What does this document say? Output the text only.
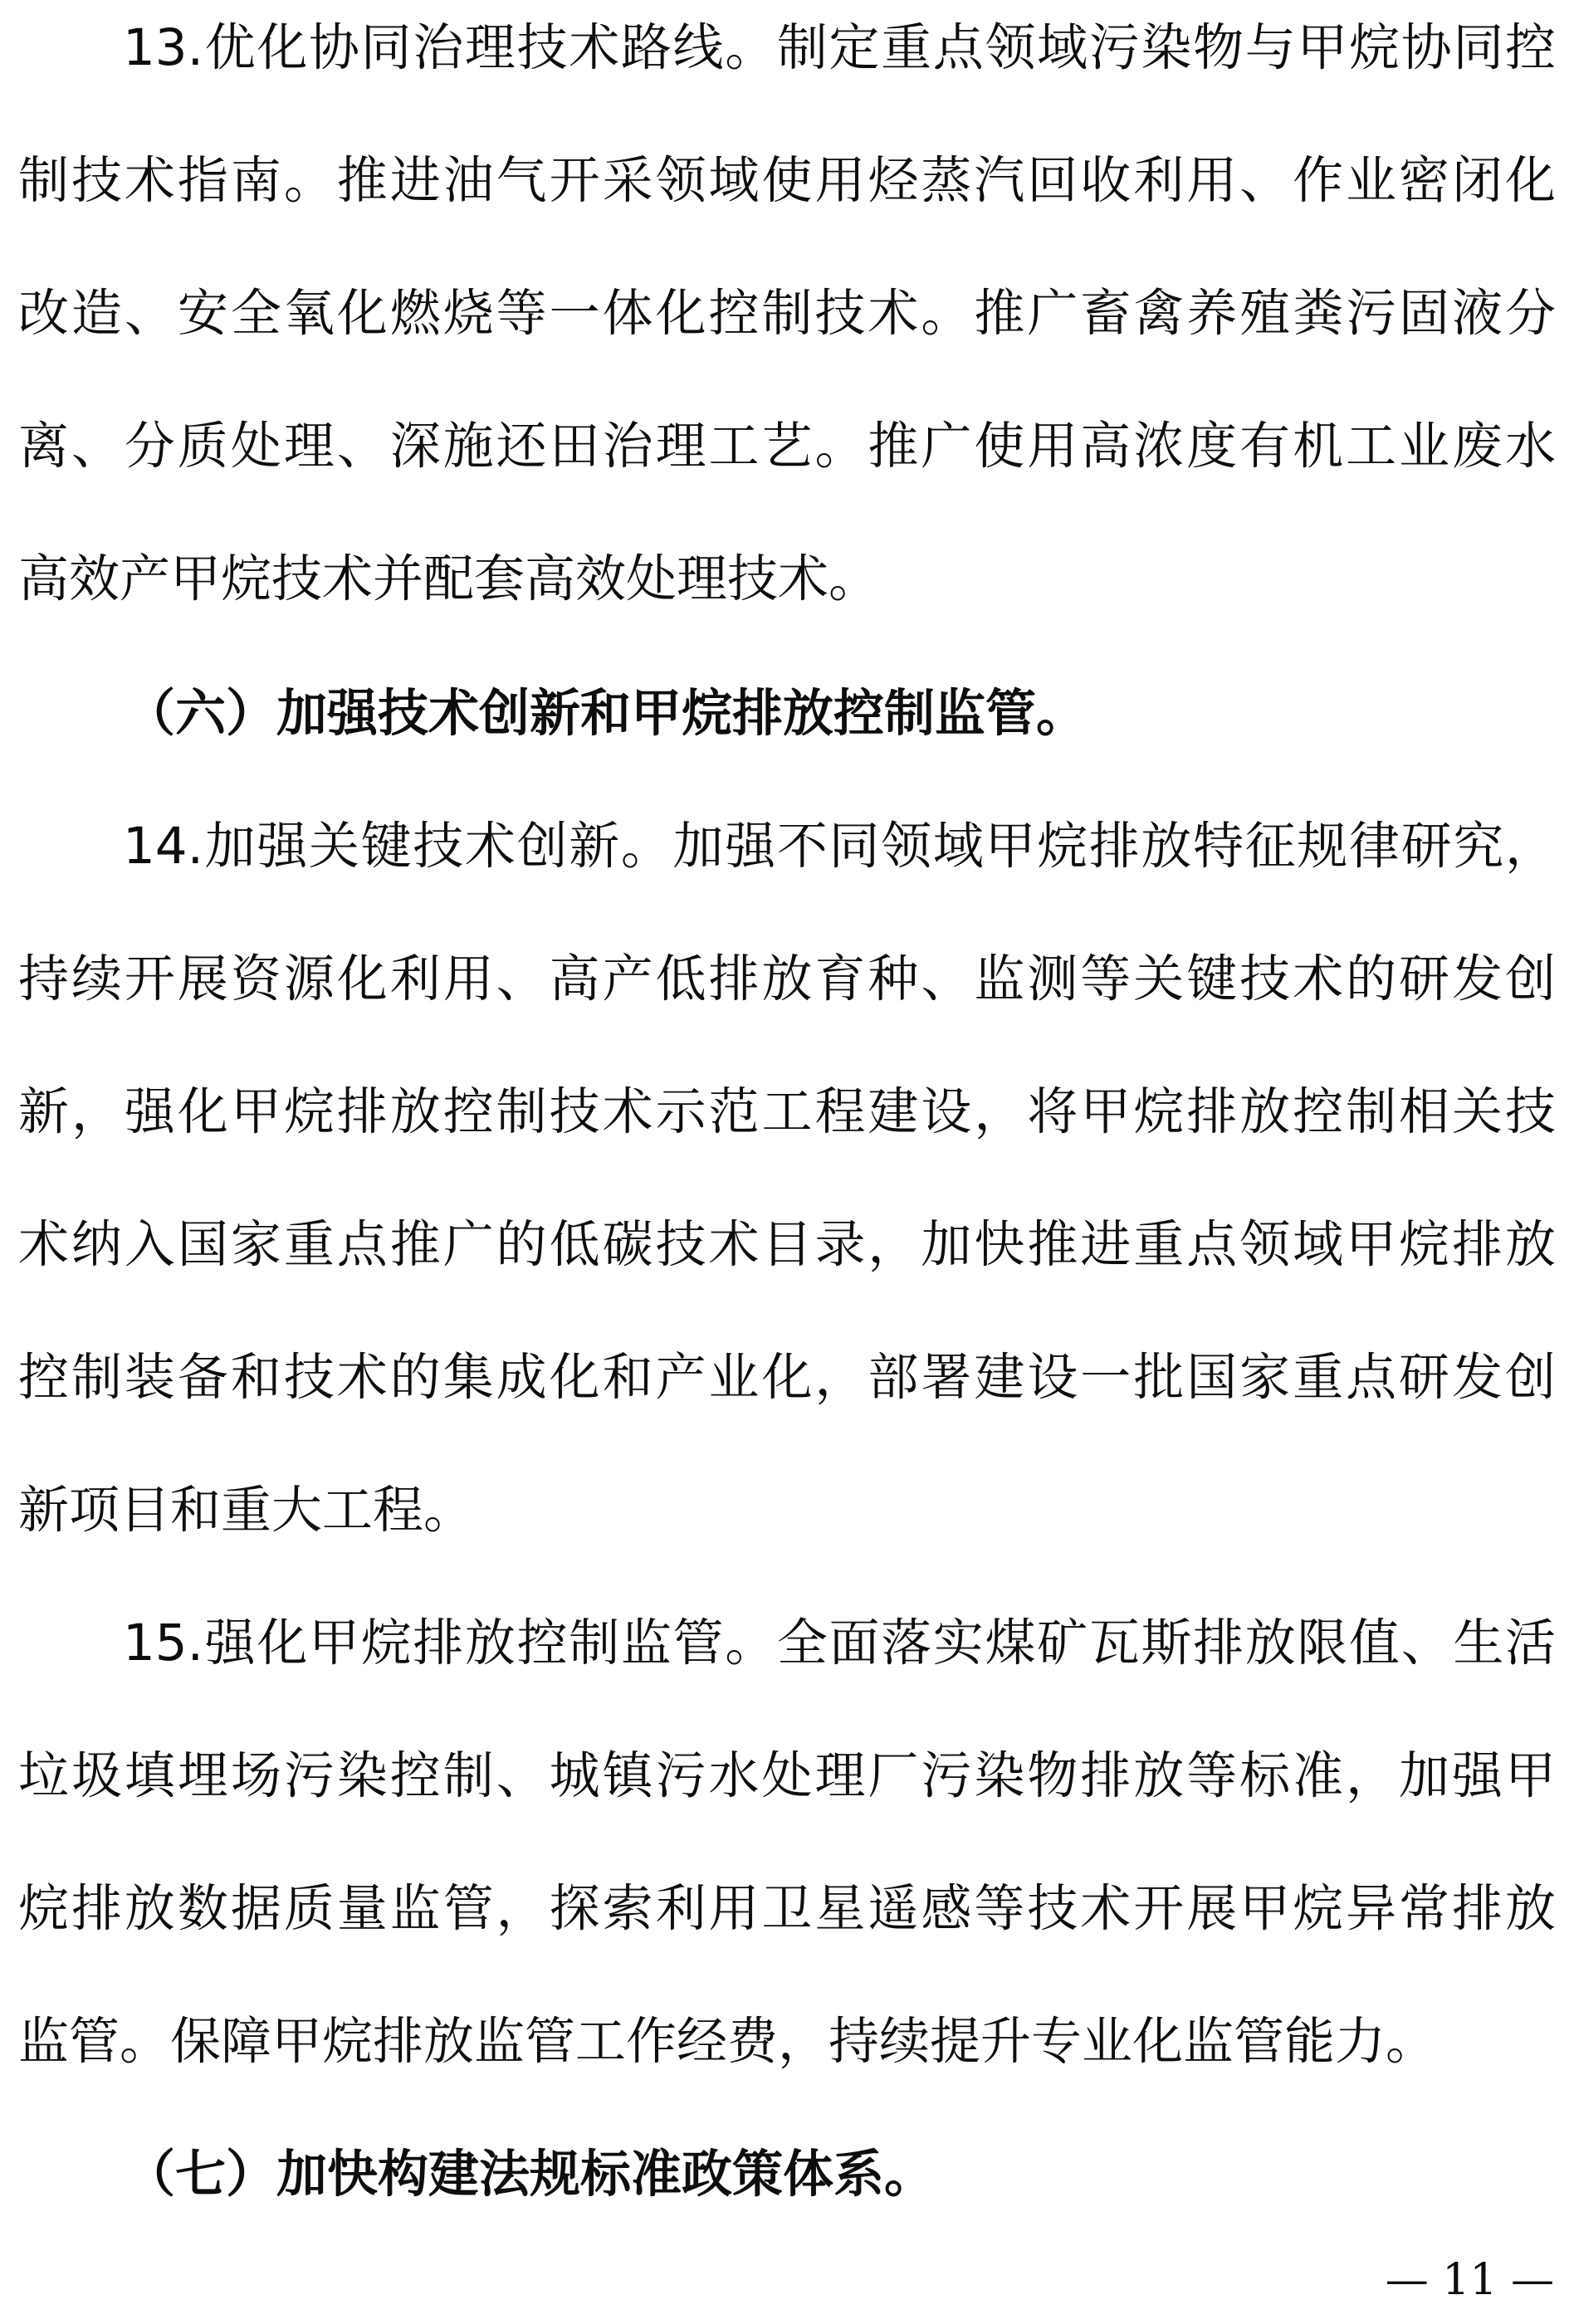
13.优化协同治理技术路线。制定重点领域污染物与甲烷协同控
制技术指南。推进油气开采领域使用烃蒸汽回收利用、作业密闭化
改造、安全氧化燃烧等一体化控制技术。推广畜禽养殖粪污固液分
离、分质处理、深施还田治理工艺。推广使用高浓度有机工业废水
高效产甲烷技术并配套高效处理技术。
（六）加强技术创新和甲烷排放控制监管。
14.加强关键技术创新。加强不同领域甲烷排放特征规律研究，
持续开展资源化利用、高产低排放育种、监测等关键技术的研发创
新，强化甲烷排放控制技术示范工程建设，将甲烷排放控制相关技
术纳入国家重点推广的低碳技术目录，加快推进重点领域甲烷排放
控制装备和技术的集成化和产业化，部署建设一批国家重点研发创
新项目和重大工程。
15.强化甲烷排放控制监管。全面落实煤矿瓦斯排放限值、生活
垃圾填埋场污染控制、城镇污水处理厂污染物排放等标准，加强甲
烷排放数据质量监管，探索利用卫星遥感等技术开展甲烷异常排放
监管。保障甲烷排放监管工作经费，持续提升专业化监管能力。
（七）加快构建法规标准政策体系。
— 11 —
